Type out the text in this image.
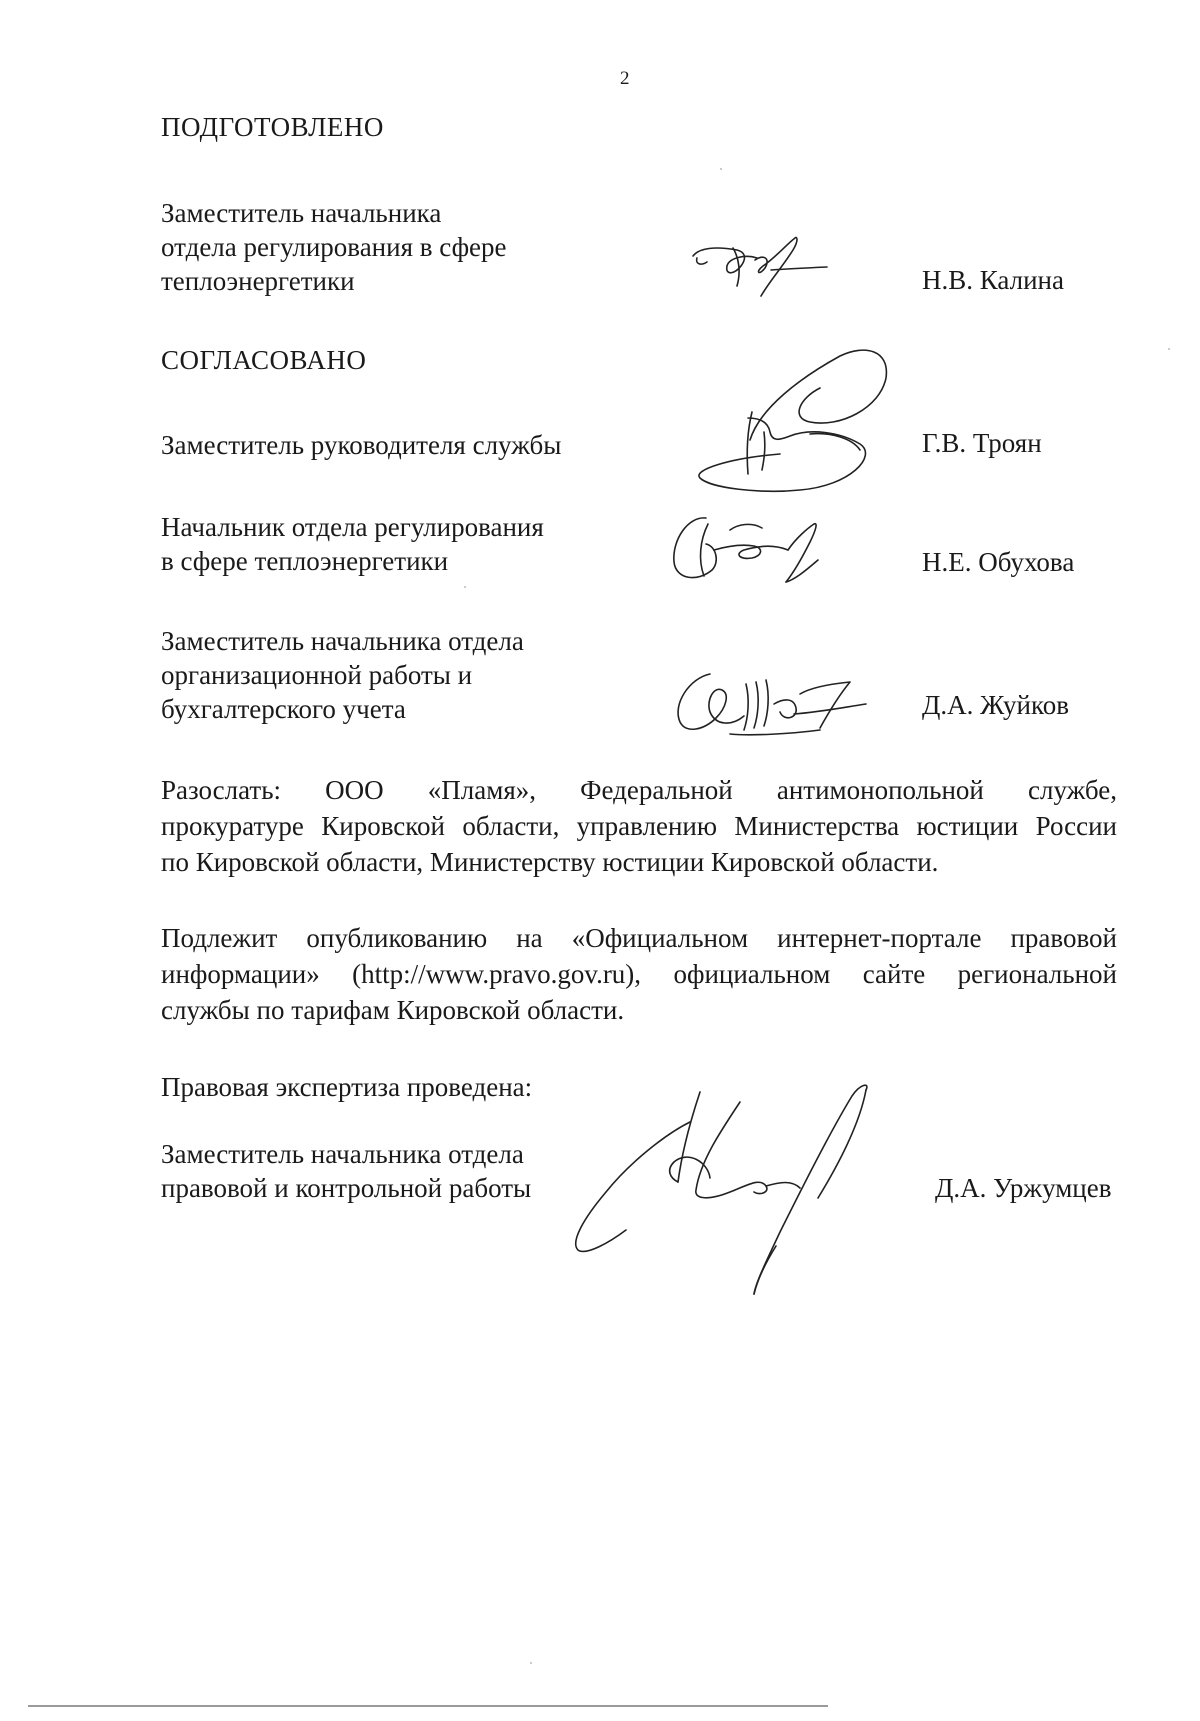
2
ПОДГОТОВЛЕНО
Заместитель начальника
отдела регулирования в сфере
теплоэнергетики	Н.В. Калина
СОГЛАСОВАНО
Заместитель руководителя службы	Г.В. Троян
Начальник отдела регулирования
в сфере теплоэнергетики	Н.Е. Обухова
Заместитель начальника отдела
организационной работы и
бухгалтерского учета	Д.А. Жуйков
Разослать: ООО «Пламя», Федеральной антимонопольной службе,
прокуратуре Кировской области, управлению Министерства юстиции России
по Кировской области, Министерству юстиции Кировской области.
Подлежит опубликованию на «Официальном интернет-портале правовой
информации» (http://www.pravo.gov.ru), официальном сайте региональной
службы по тарифам Кировской области.
Правовая экспертиза проведена:
Заместитель начальника отдела
правовой и контрольной работы	Д.А. Уржумцев
